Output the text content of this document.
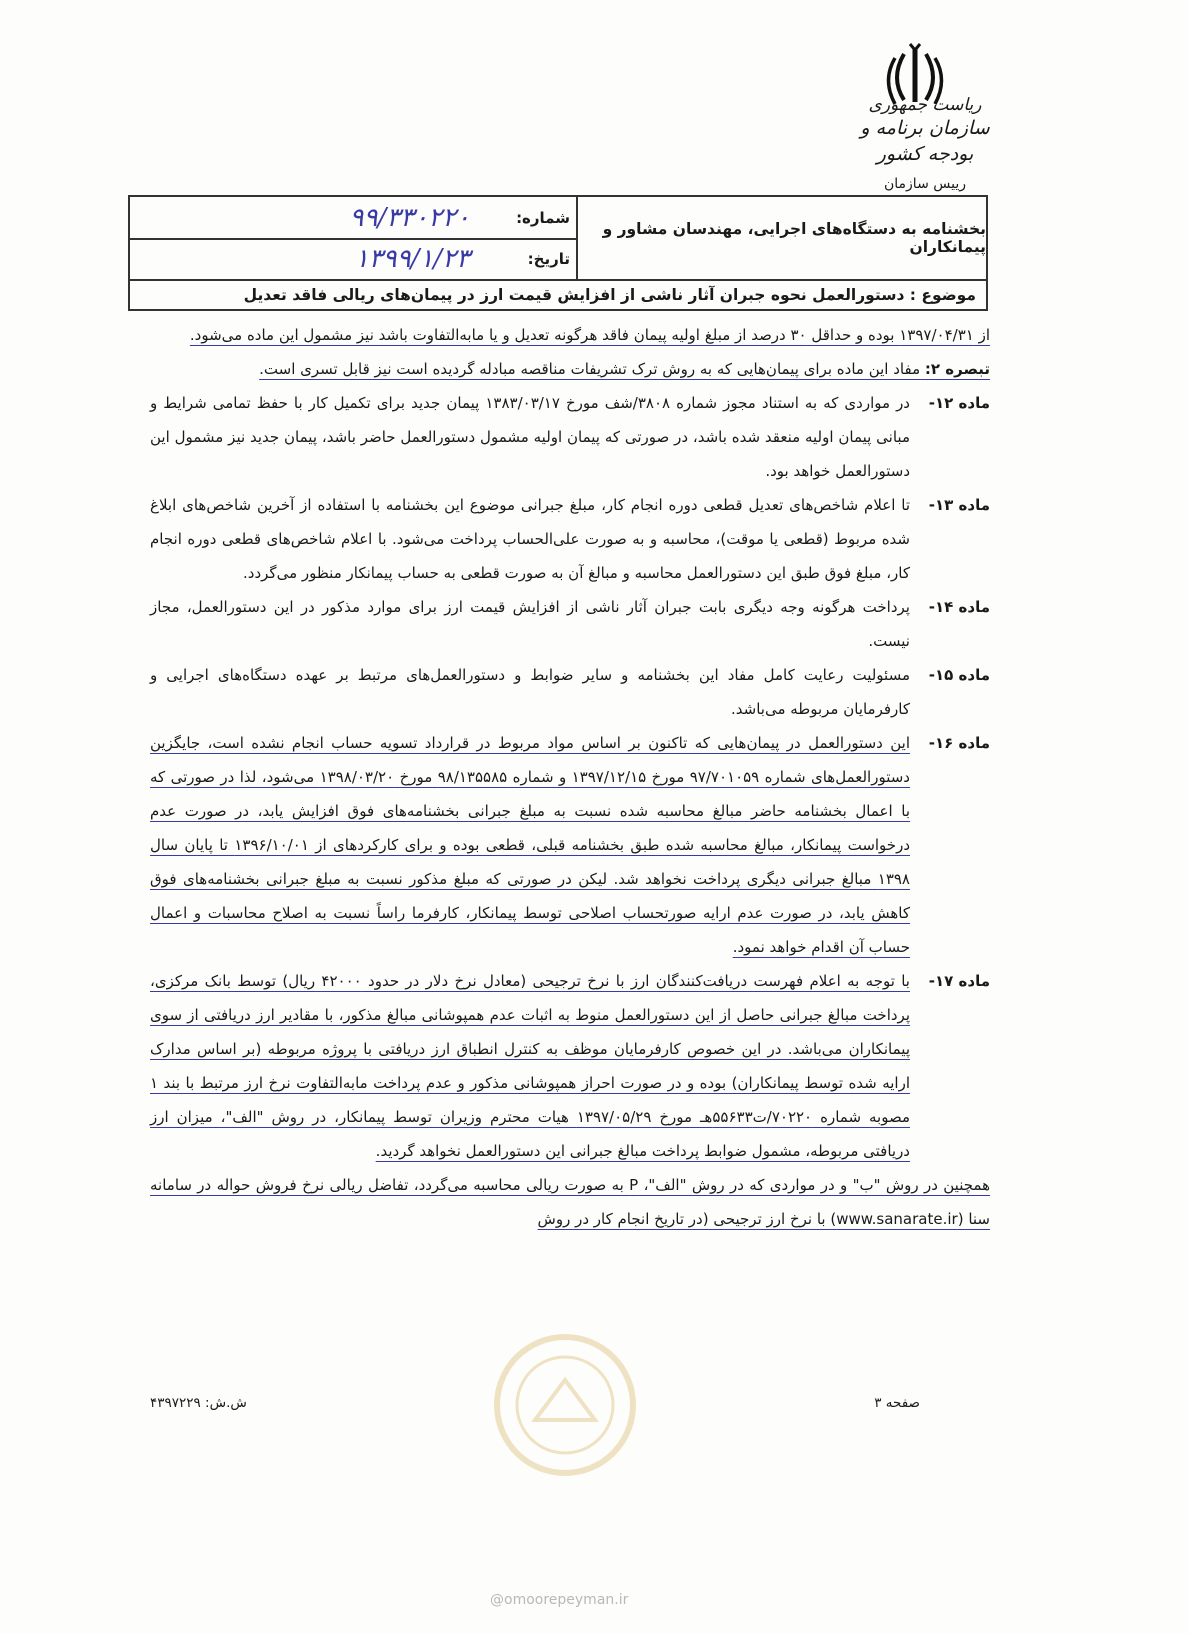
ریاست جمهوری
سازمان برنامه و بودجه کشور
رییس سازمان
بخشنامه به دستگاه‌های اجرایی، مهندسان مشاور و پیمانکاران
شماره:
۹۹/۳۳۰۲۲۰
تاریخ:
۱۳۹۹/۱/۲۳
موضوع : دستورالعمل نحوه جبران آثار ناشی از افزایش قیمت ارز در پیمان‌های ریالی فاقد تعدیل

از ۱۳۹۷/۰۴/۳۱ بوده و حداقل ۳۰ درصد از مبلغ اولیه پیمان فاقد هرگونه تعدیل و یا مابه‌التفاوت باشد نیز مشمول این ماده می‌شود.

تبصره ۲: مفاد این ماده برای پیمان‌هایی که به روش ترک تشریفات مناقصه مبادله گردیده است نیز قابل تسری است.

ماده ۱۲-
در مواردی که به استناد مجوز شماره ۳۸۰۸/شف مورخ ۱۳۸۳/۰۳/۱۷ پیمان جدید برای تکمیل کار با حفظ تمامی شرایط و مبانی پیمان اولیه منعقد شده باشد، در صورتی که پیمان اولیه مشمول دستورالعمل حاضر باشد، پیمان جدید نیز مشمول این دستورالعمل خواهد بود.
ماده ۱۳-
تا اعلام شاخص‌های تعدیل قطعی دوره انجام کار، مبلغ جبرانی موضوع این بخشنامه با استفاده از آخرین شاخص‌های ابلاغ شده مربوط (قطعی یا موقت)، محاسبه و به صورت علی‌الحساب پرداخت می‌شود. با اعلام شاخص‌های قطعی دوره انجام کار، مبلغ فوق طبق این دستورالعمل محاسبه و مبالغ آن به صورت قطعی به حساب پیمانکار منظور می‌گردد.
ماده ۱۴-
پرداخت هرگونه وجه دیگری بابت جبران آثار ناشی از افزایش قیمت ارز برای موارد مذکور در این دستورالعمل، مجاز نیست.
ماده ۱۵-
مسئولیت رعایت کامل مفاد این بخشنامه و سایر ضوابط و دستورالعمل‌های مرتبط بر عهده دستگاه‌های اجرایی و کارفرمایان مربوطه می‌باشد.
ماده ۱۶-
این دستورالعمل در پیمان‌هایی که تاکنون بر اساس مواد مربوط در قرارداد تسویه حساب انجام نشده است، جایگزین دستورالعمل‌های شماره ۹۷/۷۰۱۰۵۹ مورخ ۱۳۹۷/۱۲/۱۵ و شماره ۹۸/۱۳۵۵۸۵ مورخ ۱۳۹۸/۰۳/۲۰ می‌شود، لذا در صورتی که با اعمال بخشنامه حاضر مبالغ محاسبه شده نسبت به مبلغ جبرانی بخشنامه‌های فوق افزایش یابد، در صورت عدم درخواست پیمانکار، مبالغ محاسبه شده طبق بخشنامه قبلی، قطعی بوده و برای کارکردهای از ۱۳۹۶/۱۰/۰۱ تا پایان سال ۱۳۹۸ مبالغ جبرانی دیگری پرداخت نخواهد شد. لیکن در صورتی که مبلغ مذکور نسبت به مبلغ جبرانی بخشنامه‌های فوق کاهش یابد، در صورت عدم ارایه صورتحساب اصلاحی توسط پیمانکار، کارفرما راساً نسبت به اصلاح محاسبات و اعمال حساب آن اقدام خواهد نمود.
ماده ۱۷-
با توجه به اعلام فهرست دریافت‌کنندگان ارز با نرخ ترجیحی (معادل نرخ دلار در حدود ۴۲۰۰۰ ریال) توسط بانک مرکزی، پرداخت مبالغ جبرانی حاصل از این دستورالعمل منوط به اثبات عدم همپوشانی مبالغ مذکور، با مقادیر ارز دریافتی از سوی پیمانکاران می‌باشد. در این خصوص کارفرمایان موظف به کنترل انطباق ارز دریافتی با پروژه مربوطه (بر اساس مدارک ارایه شده توسط پیمانکاران) بوده و در صورت احراز همپوشانی مذکور و عدم پرداخت مابه‌التفاوت نرخ ارز مرتبط با بند ۱ مصوبه شماره ۷۰۲۲۰/ت۵۵۶۳۳هـ مورخ ۱۳۹۷/۰۵/۲۹ هیات محترم وزیران توسط پیمانکار، در روش "الف"، میزان ارز دریافتی مربوطه، مشمول ضوابط پرداخت مبالغ جبرانی این دستورالعمل نخواهد گردید.

همچنین در روش "ب" و در مواردی که در روش "الف"، P به صورت ریالی محاسبه می‌گردد، تفاضل ریالی نرخ فروش حواله در سامانه سنا (www.sanarate.ir) با نرخ ارز ترجیحی (در تاریخ انجام کار در روش

صفحه ۳
ش.ش: ۴۳۹۷۲۲۹
@omoorepeyman.ir
